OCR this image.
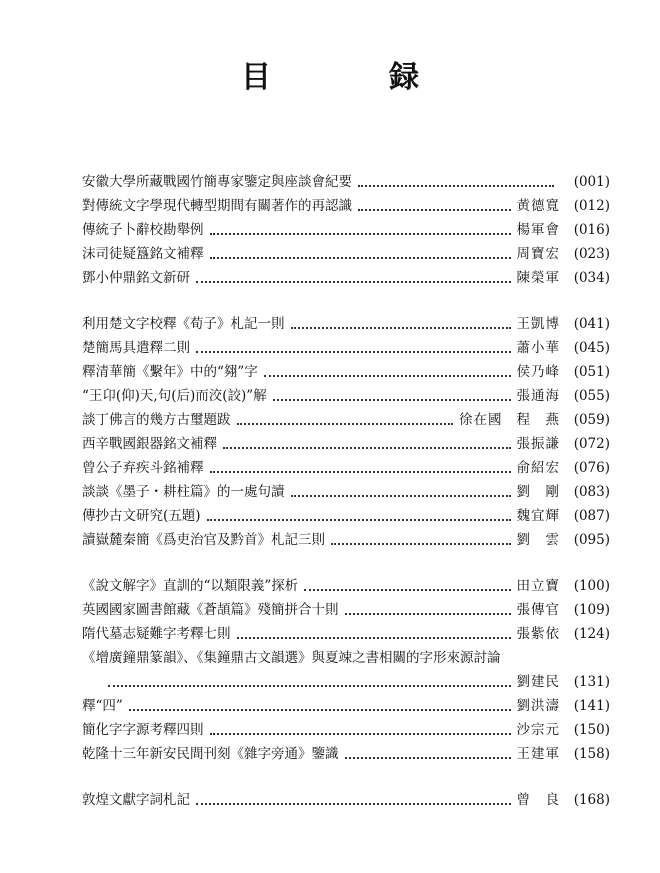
目　録
安徽大學所藏戰國竹簡專家鑒定與座談會紀要	(001)
對傳統文字學現代轉型期間有關著作的再認識	黄德寬	(012)
傳統子卜辭校勘舉例	楊軍會	(016)
沫司徒疑簋銘文補釋	周寶宏	(023)
鄧小仲鼎銘文新研	陳榮軍	(034)
利用楚文字校釋《荀子》札記一則	王凱博	(041)
楚簡馬具遣釋二則	蕭小華	(045)
釋清華簡《繫年》中的“翗”字	侯乃峰	(051)
“王卬(仰)天,句(后)而洨(詨)”解	張通海	(055)
談丁佛言的幾方古璽題跋	徐在國 程　燕	(059)
西辛戰國銀器銘文補釋	張振謙	(072)
曾公子弃疾斗銘補釋	俞紹宏	(076)
談談《墨子・耕柱篇》的一處句讀	劉　剛	(083)
傳抄古文研究(五題)	魏宜輝	(087)
讀嶽麓秦簡《爲吏治官及黔首》札記三則	劉　雲	(095)
《說文解字》直訓的“以類限義”探析	田立寶	(100)
英國國家圖書館藏《蒼頡篇》殘簡拼合十則	張傳官	(109)
隋代墓志疑難字考釋七則	張紫依	(124)
《增廣鐘鼎篆韻》、《集鐘鼎古文韻選》與夏竦之書相關的字形來源討論
劉建民	(131)
釋“四”	劉洪濤	(141)
簡化字字源考釋四則	沙宗元	(150)
乾隆十三年新安民間刊刻《雜字旁通》鑒識	王建軍	(158)
敦煌文獻字詞札記	曾　良	(168)
